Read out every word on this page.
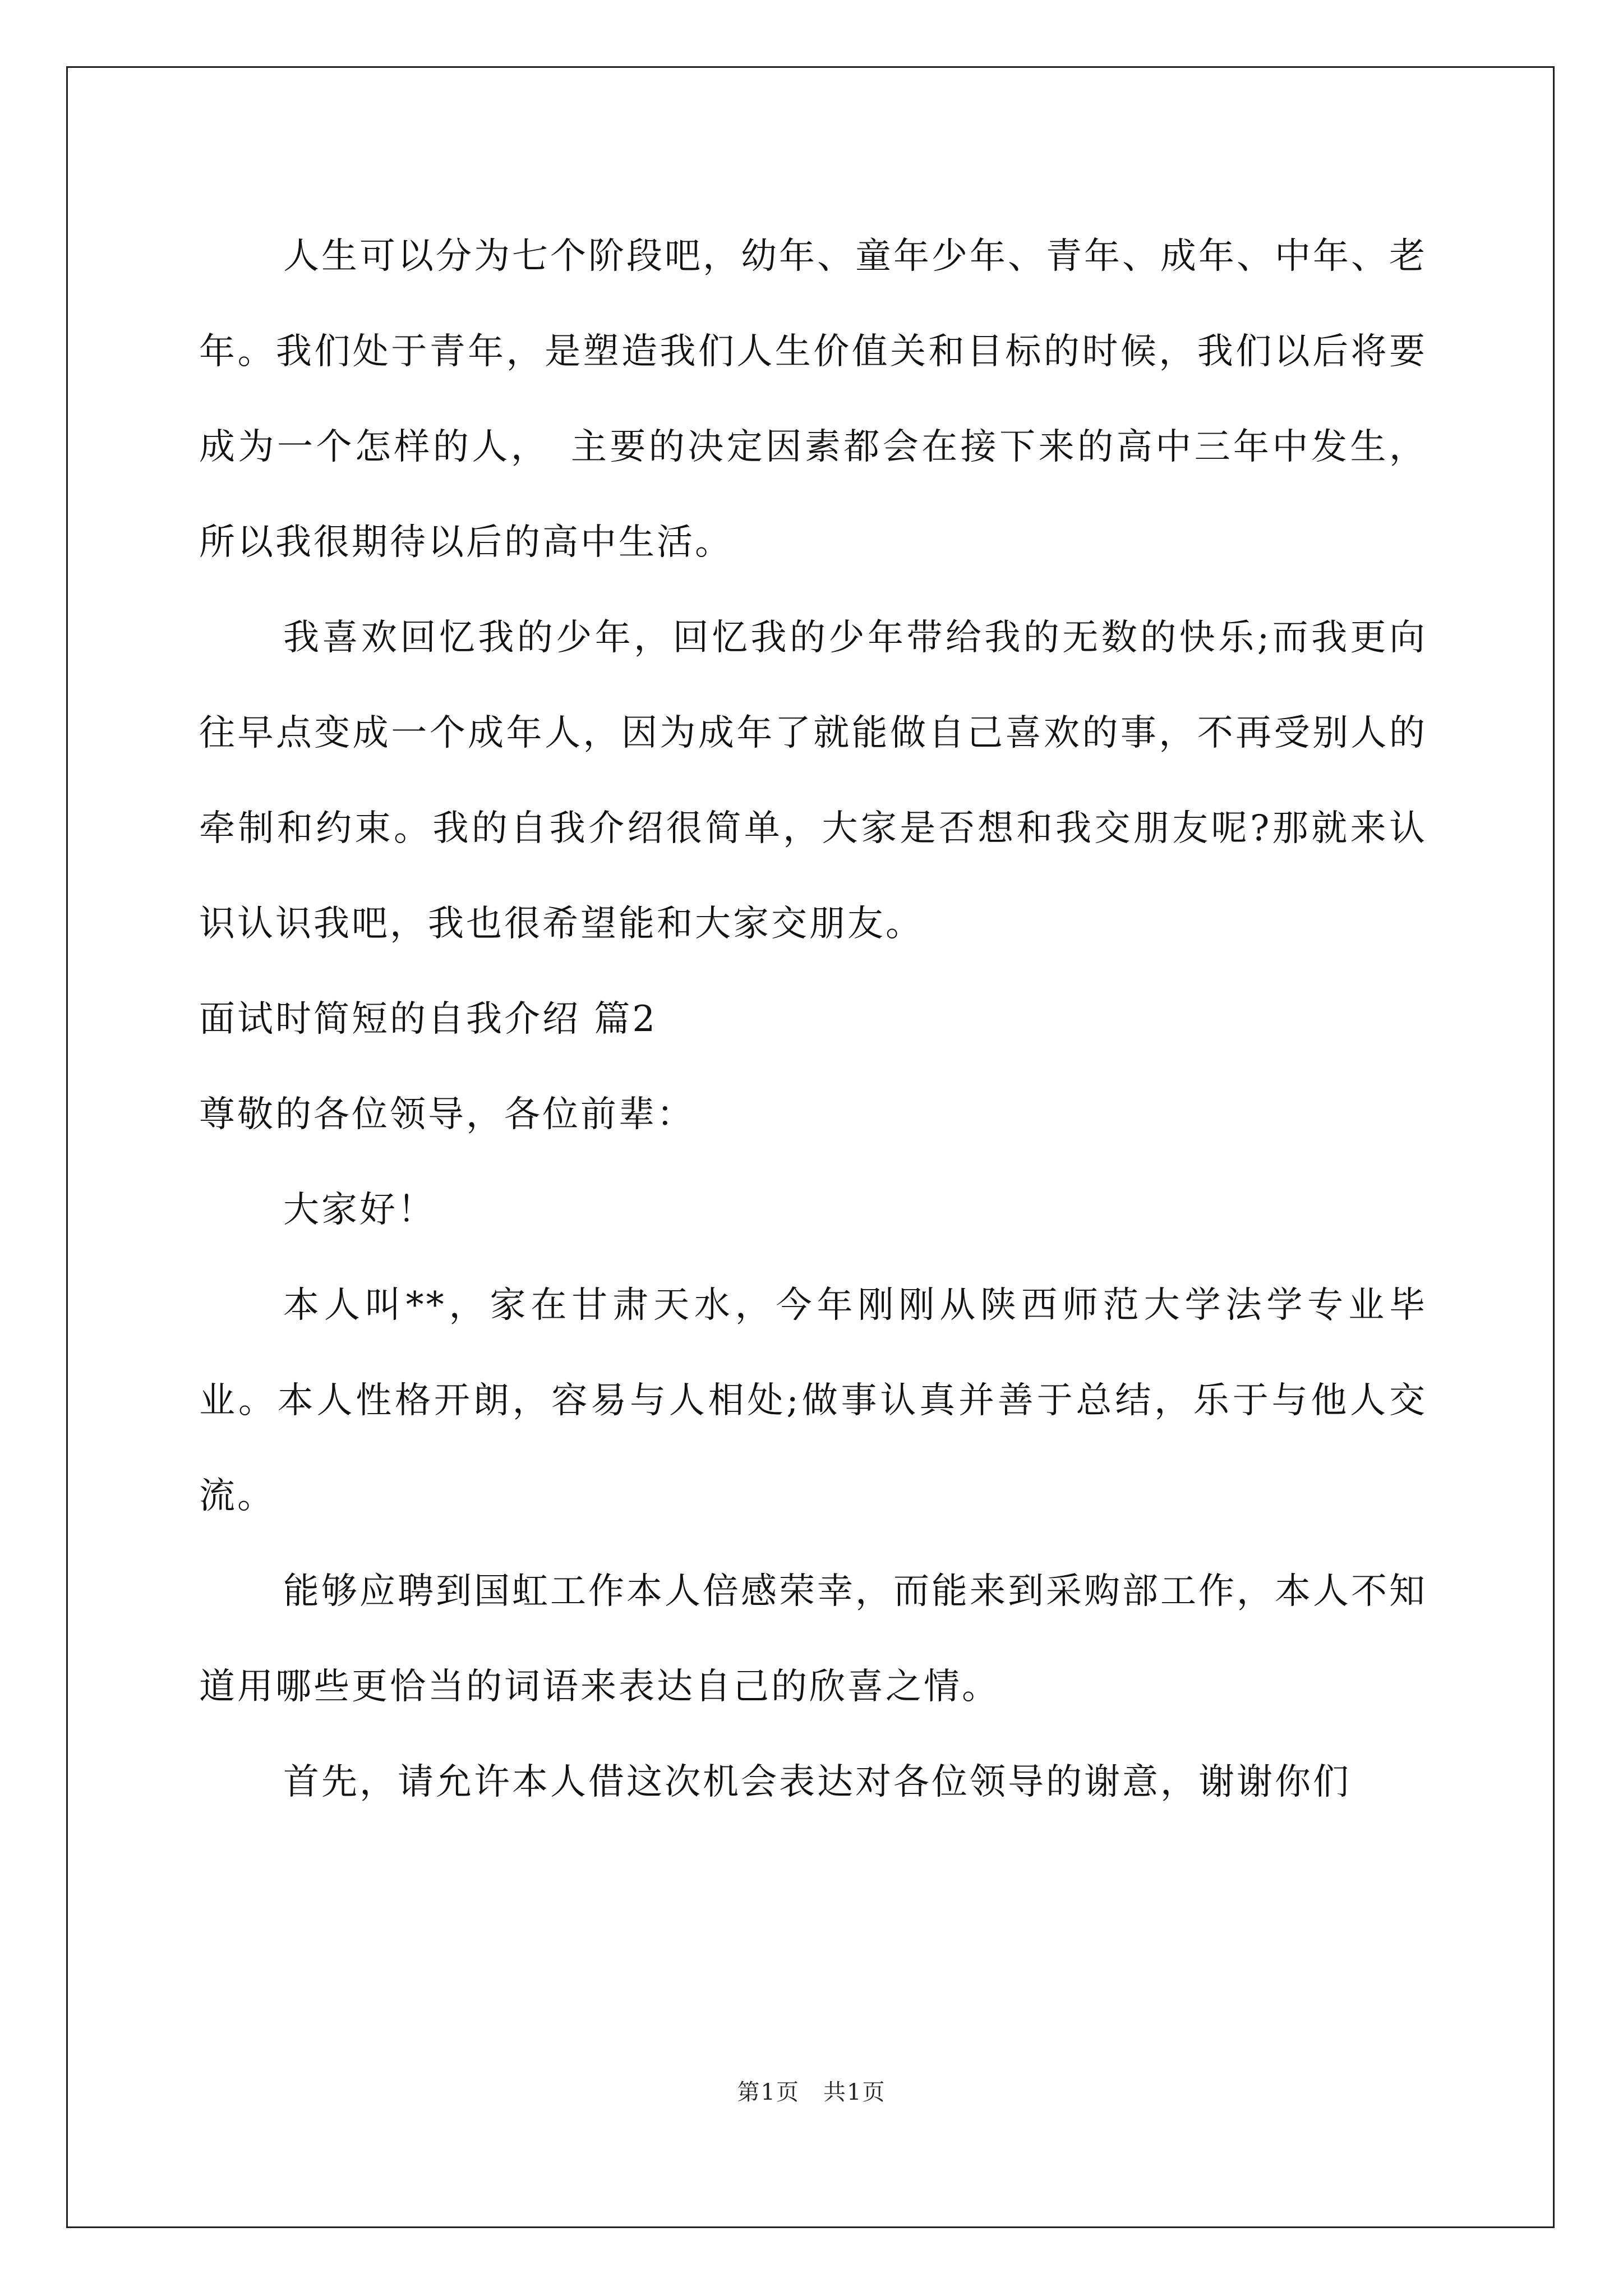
人生可以分为七个阶段吧，幼年、童年少年、青年、成年、中年、老年。我们处于青年，是塑造我们人生价值关和目标的时候，我们以后将要成为一个怎样的人，　主要的决定因素都会在接下来的高中三年中发生，所以我很期待以后的高中生活。

我喜欢回忆我的少年，回忆我的少年带给我的无数的快乐;而我更向往早点变成一个成年人，因为成年了就能做自己喜欢的事，不再受别人的牵制和约束。我的自我介绍很简单，大家是否想和我交朋友呢?那就来认识认识我吧，我也很希望能和大家交朋友。

面试时简短的自我介绍 篇2

尊敬的各位领导，各位前辈：

大家好！

本人叫**，家在甘肃天水，今年刚刚从陕西师范大学法学专业毕业。本人性格开朗，容易与人相处;做事认真并善于总结，乐于与他人交流。

能够应聘到国虹工作本人倍感荣幸，而能来到采购部工作，本人不知道用哪些更恰当的词语来表达自己的欣喜之情。

首先，请允许本人借这次机会表达对各位领导的谢意，谢谢你们

第1页　共1页
